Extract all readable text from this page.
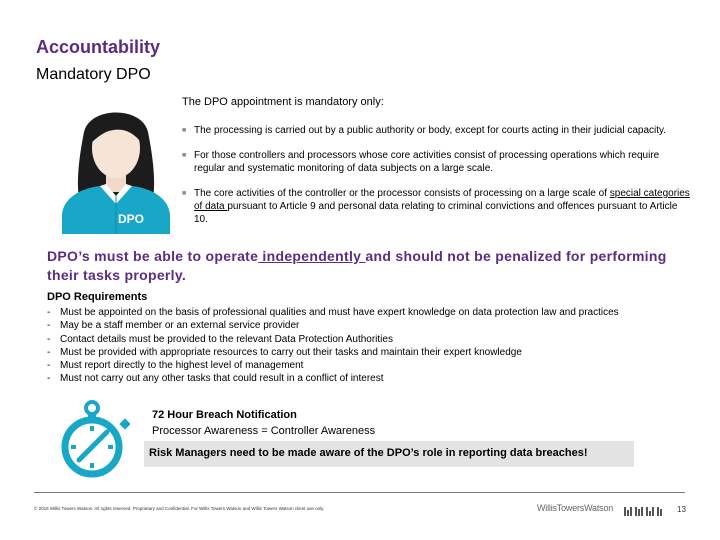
Accountability
Mandatory DPO
DPO
The DPO appointment is mandatory only:
■ The processing is carried out by a public authority or body, except for courts acting in their judicial capacity.
■ For those controllers and processors whose core activities consist of processing operations which require regular and systematic monitoring of data subjects on a large scale.
■ The core activities of the controller or the processor consists of processing on a large scale of special categories of data pursuant to Article 9 and personal data relating to criminal convictions and offences pursuant to Article 10.
DPO’s must be able to operate independently and should not be penalized for performing their tasks properly.
DPO Requirements
- Must be appointed on the basis of professional qualities and must have expert knowledge on data protection law and practices
- May be a staff member or an external service provider
- Contact details must be provided to the relevant Data Protection Authorities
- Must be provided with appropriate resources to carry out their tasks and maintain their expert knowledge
- Must report directly to the highest level of management
- Must not carry out any other tasks that could result in a conflict of interest
72 Hour Breach Notification
Processor Awareness = Controller Awareness
Risk Managers need to be made aware of the DPO’s role in reporting data breaches!
© 2016 Willis Towers Watson. All rights reserved. Proprietary and Confidential. For Willis Towers Watson and Willis Towers Watson client use only.	WillisTowersWatson	13
